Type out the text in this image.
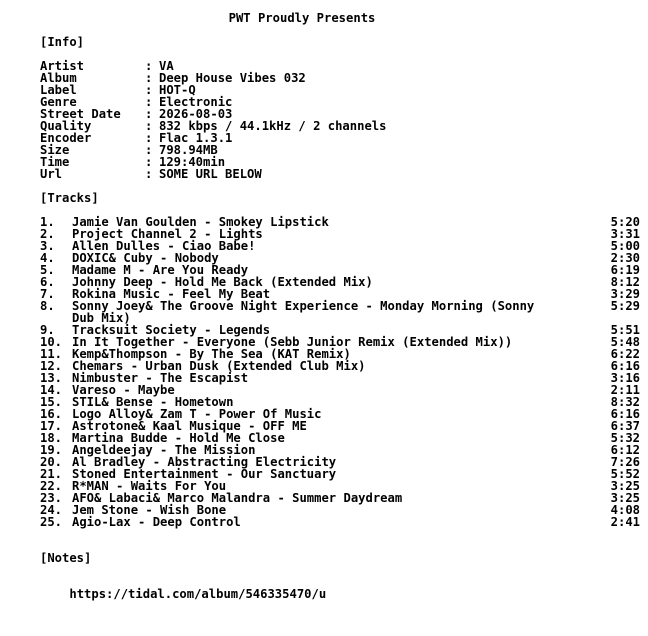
PWT Proudly Presents
[Info]
Artist	: VA
Album	: Deep House Vibes 032
Label	: HOT-Q
Genre	: Electronic
Street Date	: 2026-08-03
Quality	: 832 kbps / 44.1kHz / 2 channels
Encoder	: Flac 1.3.1
Size	: 798.94MB
Time	: 129:40min
Url	: SOME URL BELOW
[Tracks]
1.	Jamie Van Goulden - Smokey Lipstick	5:20
2.	Project Channel 2 - Lights	3:31
3.	Allen Dulles - Ciao Babe!	5:00
4.	DOXIC& Cuby - Nobody	2:30
5.	Madame M - Are You Ready	6:19
6.	Johnny Deep - Hold Me Back (Extended Mix)	8:12
7.	Rokina Music - Feel My Beat	3:29
8.	Sonny Joey& The Groove Night Experience - Monday Morning (Sonny
Dub Mix)
5:29
9.	Tracksuit Society - Legends	5:51
10. In It Together - Everyone (Sebb Junior Remix (Extended Mix))	5:48
11. Kemp&Thompson - By The Sea (KAT Remix)	6:22
12. Chemars - Urban Dusk (Extended Club Mix)	6:16
13. Nimbuster - The Escapist	3:16
14. Vareso - Maybe	2:11
15. STIL& Bense - Hometown	8:32
16. Logo Alloy& Zam T - Power Of Music	6:16
17. Astrotone& Kaal Musique - OFF ME	6:37
18. Martina Budde - Hold Me Close	5:32
19. Angeldeejay - The Mission	6:12
20. Al Bradley - Abstracting Electricity	7:26
21. Stoned Entertainment - Our Sanctuary	5:52
22. R*MAN - Waits For You	3:25
23. AFO& Labaci& Marco Malandra - Summer Daydream	3:25
24. Jem Stone - Wish Bone	4:08
25. Agio-Lax - Deep Control	2:41
[Notes]

https://tidal.com/album/546335470/u
